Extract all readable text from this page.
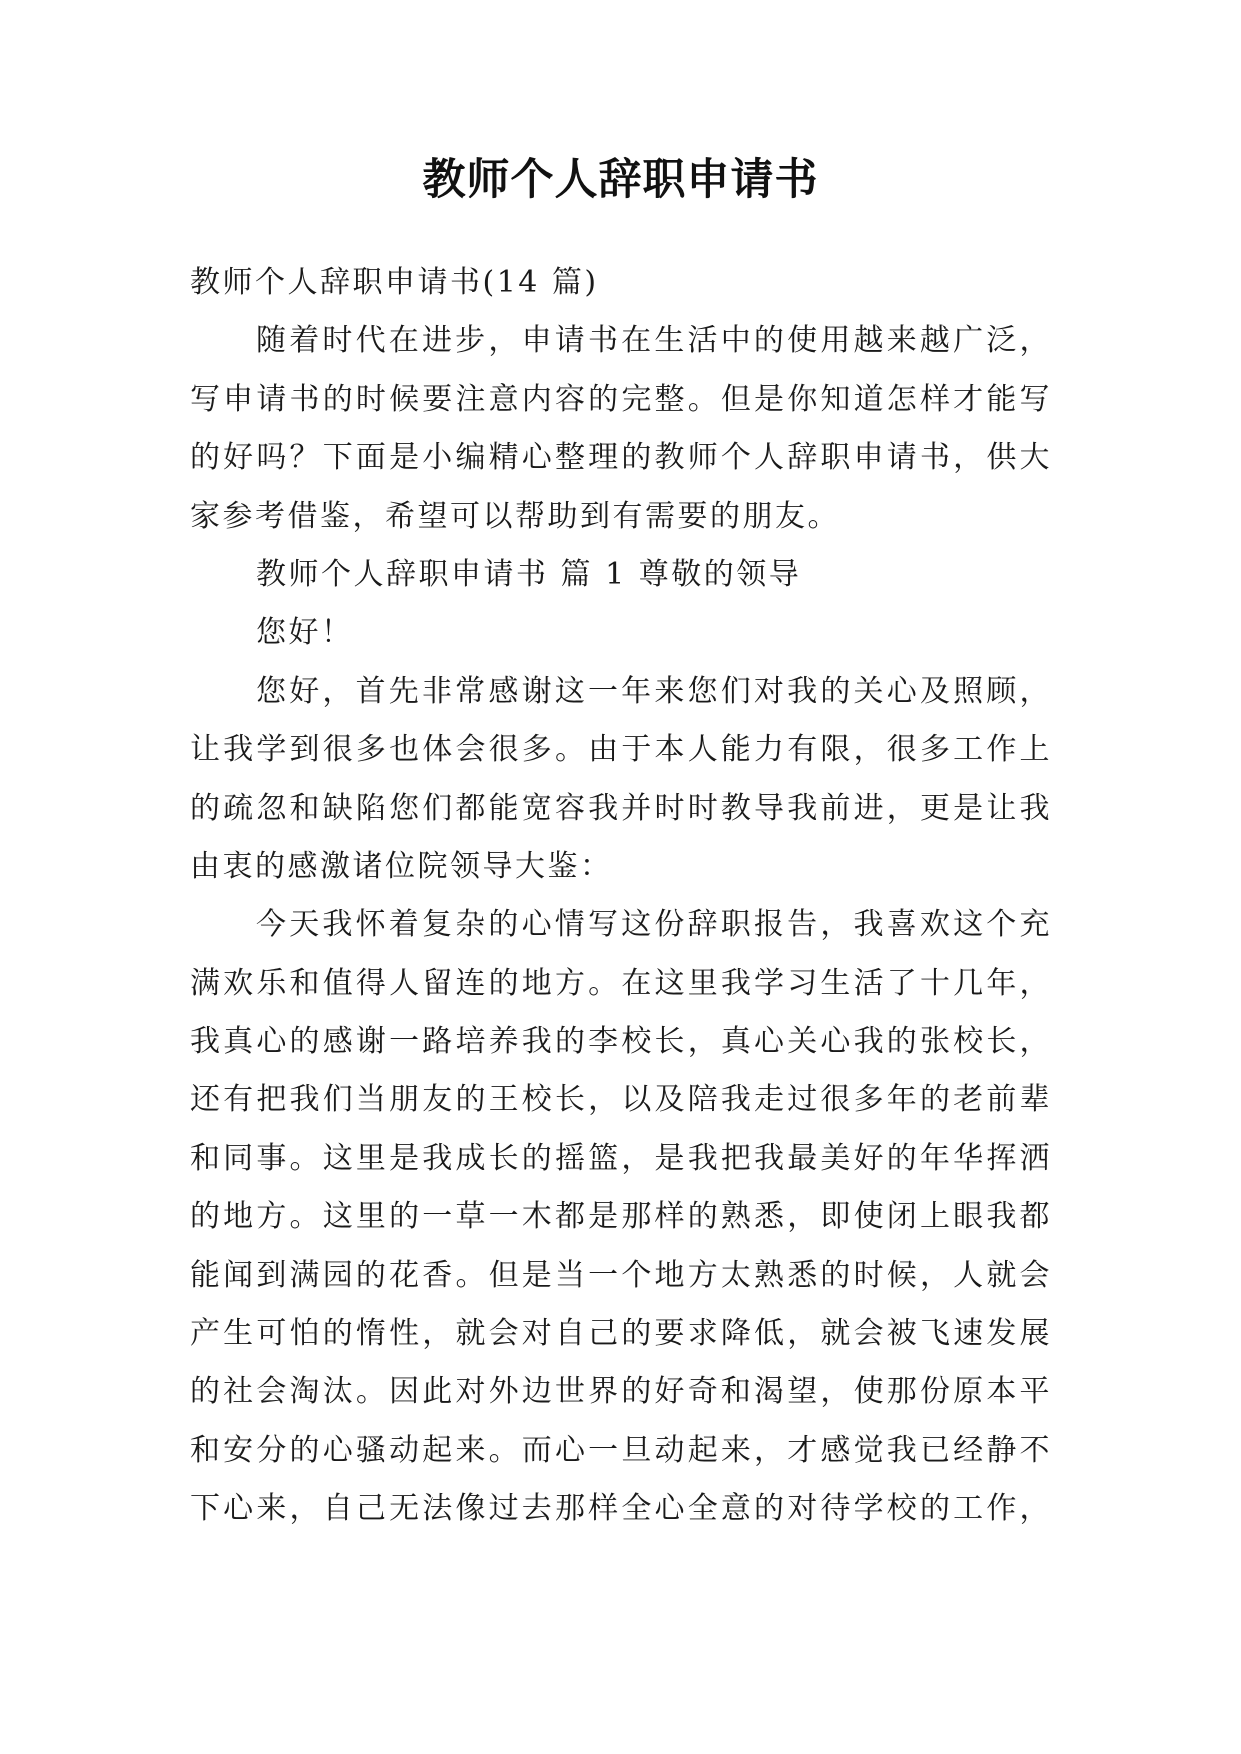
教师个人辞职申请书
教师个人辞职申请书(14 篇)
随着时代在进步，申请书在生活中的使用越来越广泛，
写申请书的时候要注意内容的完整。但是你知道怎样才能写
的好吗？下面是小编精心整理的教师个人辞职申请书，供大
家参考借鉴，希望可以帮助到有需要的朋友。
教师个人辞职申请书 篇 1 尊敬的领导
您好！
您好，首先非常感谢这一年来您们对我的关心及照顾，
让我学到很多也体会很多。由于本人能力有限，很多工作上
的疏忽和缺陷您们都能宽容我并时时教导我前进，更是让我
由衷的感激诸位院领导大鉴：
今天我怀着复杂的心情写这份辞职报告，我喜欢这个充
满欢乐和值得人留连的地方。在这里我学习生活了十几年，
我真心的感谢一路培养我的李校长，真心关心我的张校长，
还有把我们当朋友的王校长，以及陪我走过很多年的老前辈
和同事。这里是我成长的摇篮，是我把我最美好的年华挥洒
的地方。这里的一草一木都是那样的熟悉，即使闭上眼我都
能闻到满园的花香。但是当一个地方太熟悉的时候，人就会
产生可怕的惰性，就会对自己的要求降低，就会被飞速发展
的社会淘汰。因此对外边世界的好奇和渴望，使那份原本平
和安分的心骚动起来。而心一旦动起来，才感觉我已经静不
下心来，自己无法像过去那样全心全意的对待学校的工作，
